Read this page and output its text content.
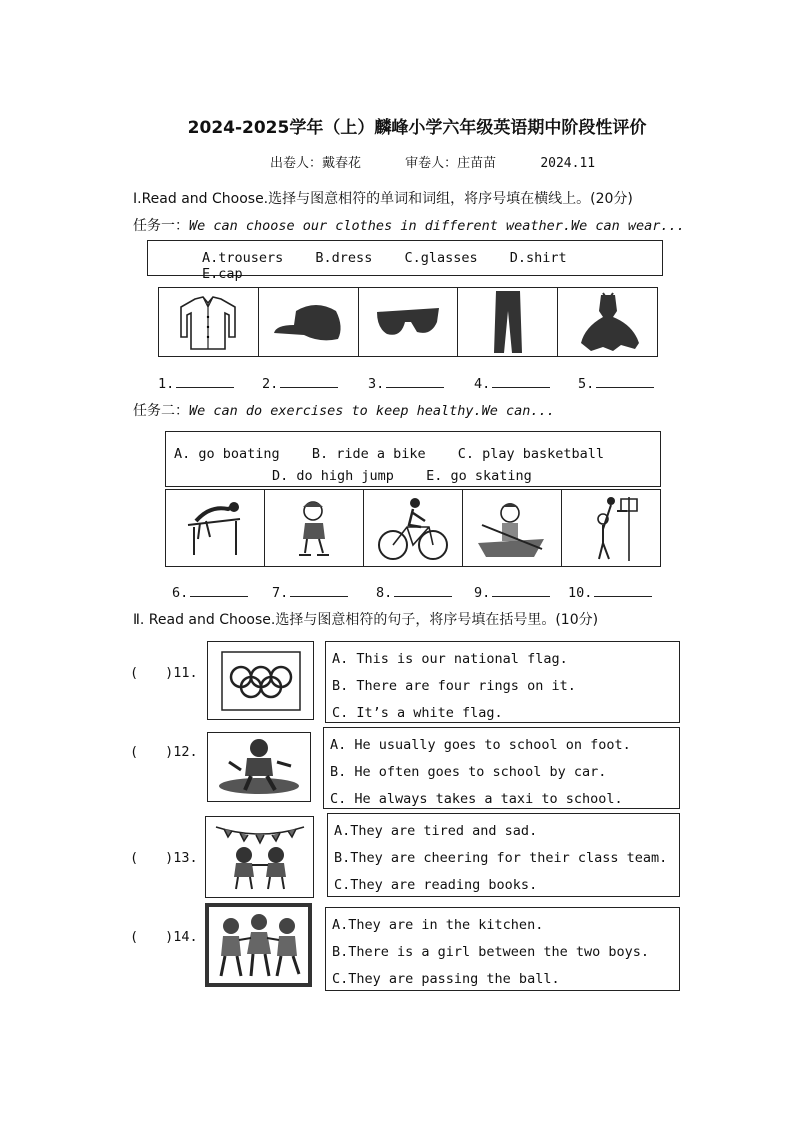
2024-2025学年（上）麟峰小学六年级英语期中阶段性评价
出卷人：戴春花	审卷人：庄苗苗	2024.11
Ⅰ.Read and Choose.选择与图意相符的单词和词组，将序号填在横线上。(20分)
任务一：We can choose our clothes in different weather.We can wear...
A.trousers B.dress C.glasses D.shirt E.cap
1.	2.	3.	4.	5.
任务二：We can do exercises to keep healthy.We can...
A. go boating B. ride a bike C. play basketball
D. do high jump E. go skating
6.	7.	8.	9.	10.
Ⅱ. Read and Choose.选择与图意相符的句子，将序号填在括号里。(10分)
(　　)11.
A. This is our national flag.
B. There are four rings on it.
C. It’s a white flag.
(　　)12.	A. He usually goes to school on foot.
B. He often goes to school by car.
C. He always takes a taxi to school.
(　　)13.
A.They are tired and sad.
B.They are cheering for their class team.
C.They are reading books.
(　　)14.
A.They are in the kitchen.
B.There is a girl between the two boys.
C.They are passing the ball.
